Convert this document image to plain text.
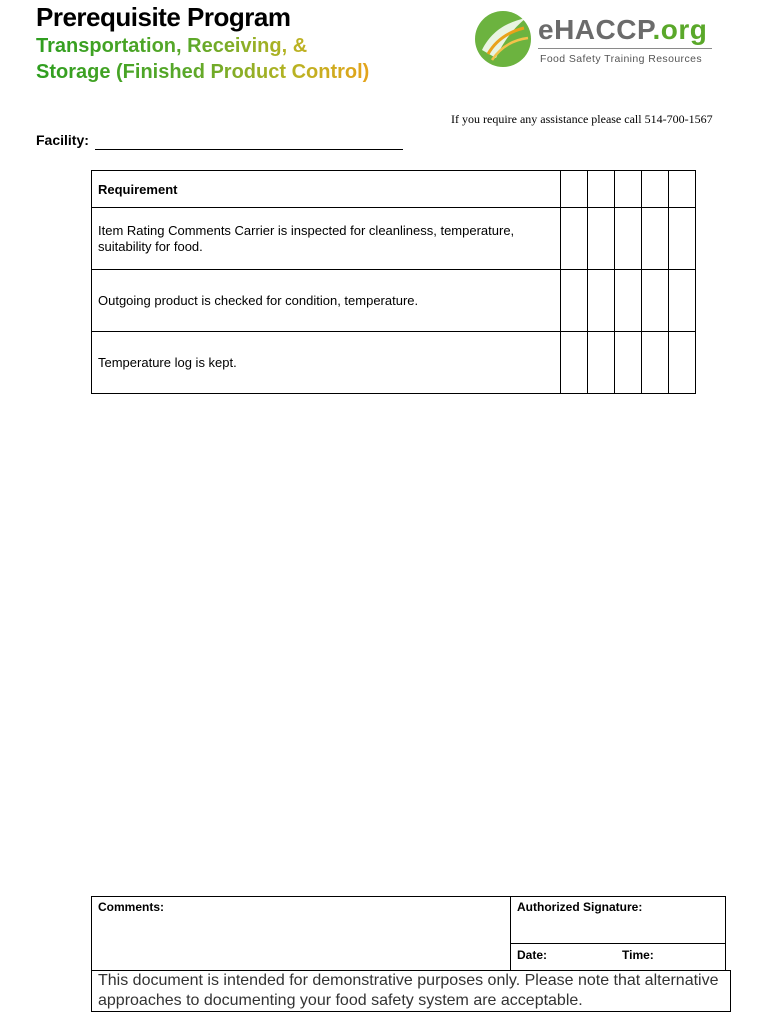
Prerequisite Program
Transportation, Receiving, & Storage (Finished Product Control)
eHACCP.org
Food Safety Training Resources
If you require any assistance please call 514-700-1567
Facility:
Requirement					
Item Rating Comments Carrier is inspected for cleanliness, temperature, suitability for food.					
Outgoing product is checked for condition, temperature.					
Temperature log is kept.					
Comments:	Authorized Signature:

Date:	Time:
This document is intended for demonstrative purposes only. Please note that alternative approaches to documenting your food safety system are acceptable.
